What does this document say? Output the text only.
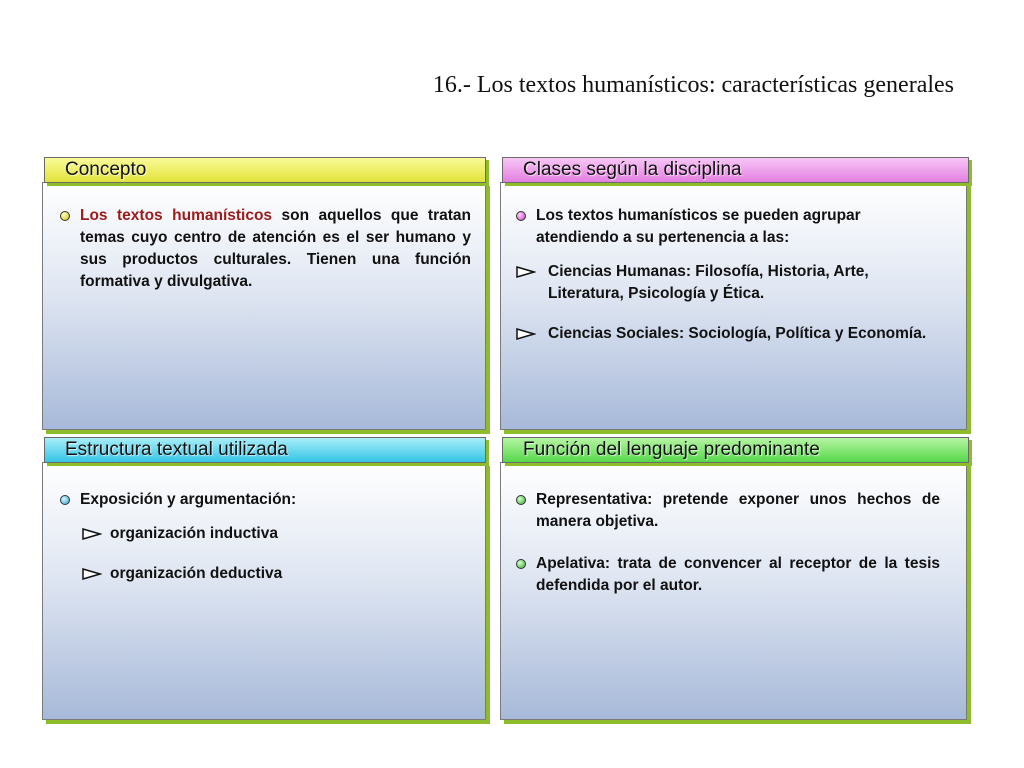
16.- Los textos humanísticos: características generales
Concepto
Los textos humanísticos son aquellos que tratan temas cuyo centro de atención es el ser humano y sus productos culturales. Tienen una función formativa y divulgativa.
Clases según la disciplina
Los textos humanísticos se pueden agrupar atendiendo a su pertenencia a las:
Ciencias Humanas: Filosofía, Historia, Arte, Literatura, Psicología y Ética.
Ciencias Sociales: Sociología, Política y Economía.
Estructura textual utilizada
Exposición y argumentación:
organización inductiva
organización deductiva
Función del lenguaje predominante
Representativa: pretende exponer unos hechos de manera objetiva.
Apelativa: trata de convencer al receptor de la tesis defendida por el autor.
